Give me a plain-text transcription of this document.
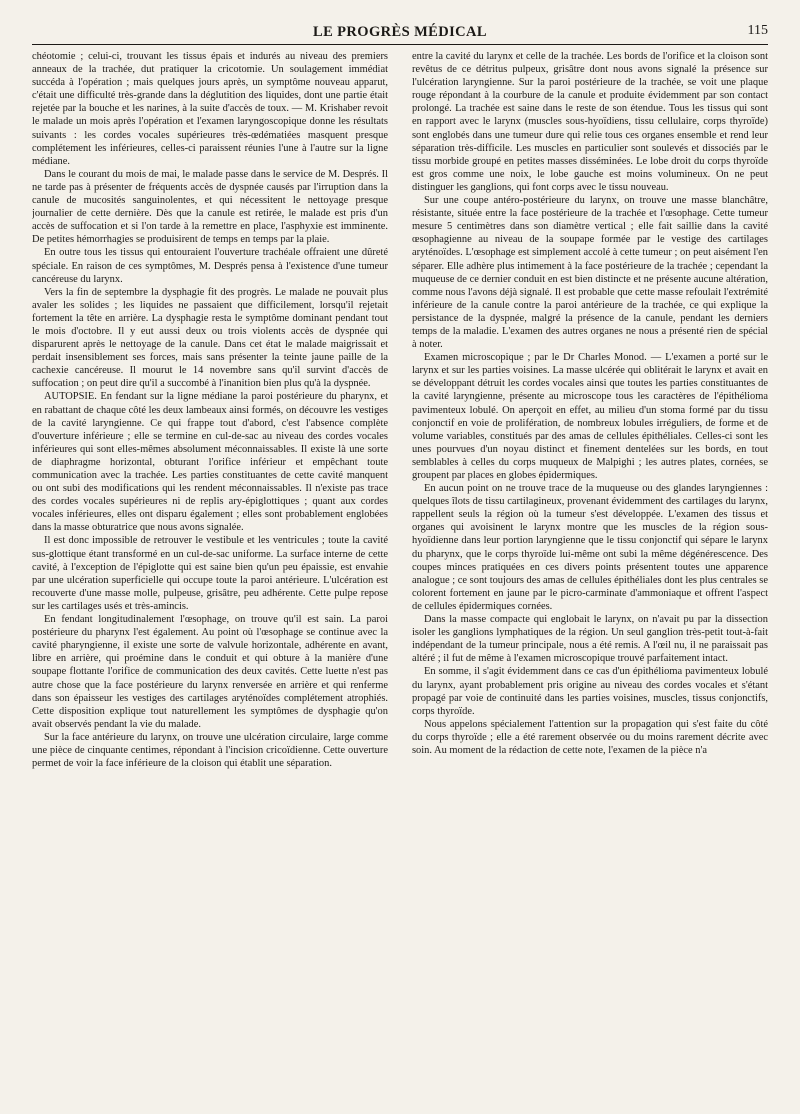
LE PROGRÈS MÉDICAL	115

chéotomie ; celui-ci, trouvant les tissus épais et indurés au niveau des premiers anneaux de la trachée, dut pratiquer la cricotomie. Un soulagement immédiat succéda à l'opération ; mais quelques jours après, un symptôme nouveau apparut, c'était une difficulté très-grande dans la déglutition des liquides, dont une partie était rejetée par la bouche et les narines, à la suite d'accès de toux. — M. Krishaber revoit le malade un mois après l'opération et l'examen laryngoscopique donne les résultats suivants : les cordes vocales supérieures très-œdématiées masquent presque complétement les inférieures, celles-ci paraissent réunies l'une à l'autre sur la ligne médiane.

Dans le courant du mois de mai, le malade passe dans le service de M. Després. Il ne tarde pas à présenter de fréquents accès de dyspnée causés par l'irruption dans la canule de mucosités sanguinolentes, et qui nécessitent le nettoyage presque journalier de cette dernière. Dès que la canule est retirée, le malade est pris d'un accès de suffocation et si l'on tarde à la remettre en place, l'asphyxie est imminente. De petites hémorrhagies se produisirent de temps en temps par la plaie.

En outre tous les tissus qui entouraient l'ouverture trachéale offraient une dûreté spéciale. En raison de ces symptômes, M. Després pensa à l'existence d'une tumeur cancéreuse du larynx.

Vers la fin de septembre la dysphagie fit des progrès. Le malade ne pouvait plus avaler les solides ; les liquides ne passaient que difficilement, lorsqu'il rejetait fortement la tête en arrière. La dysphagie resta le symptôme dominant pendant tout le mois d'octobre. Il y eut aussi deux ou trois violents accès de dyspnée qui disparurent après le nettoyage de la canule. Dans cet état le malade maigrissait et perdait insensiblement ses forces, mais sans présenter la teinte jaune paille de la cachexie cancéreuse. Il mourut le 14 novembre sans qu'il survint d'accès de suffocation ; on peut dire qu'il a succombé à l'inanition bien plus qu'à la dyspnée.

AUTOPSIE. En fendant sur la ligne médiane la paroi postérieure du pharynx, et en rabattant de chaque côté les deux lambeaux ainsi formés, on découvre les vestiges de la cavité laryngienne. Ce qui frappe tout d'abord, c'est l'absence complète d'ouverture inférieure ; elle se termine en cul-de-sac au niveau des cordes vocales inférieures qui sont elles-mêmes absolument méconnaissables. Il existe là une sorte de diaphragme horizontal, obturant l'orifice inférieur et empêchant toute communication avec la trachée. Les parties constituantes de cette cavité manquent ou ont subi des modifications qui les rendent méconnaissables. Il n'existe pas trace des cordes vocales supérieures ni de replis ary-épiglottiques ; quant aux cordes vocales inférieures, elles ont disparu également ; elles sont probablement englobées dans la masse obturatrice que nous avons signalée.

Il est donc impossible de retrouver le vestibule et les ventricules ; toute la cavité sus-glottique étant transformé en un cul-de-sac uniforme. La surface interne de cette cavité, à l'exception de l'épiglotte qui est saine bien qu'un peu épaissie, est envahie par une ulcération superficielle qui occupe toute la paroi antérieure. L'ulcération est recouverte d'une masse molle, pulpeuse, grisâtre, peu adhérente. Cette pulpe repose sur les cartilages usés et très-amincis.

En fendant longitudinalement l'œsophage, on trouve qu'il est sain. La paroi postérieure du pharynx l'est également. Au point où l'œsophage se continue avec la cavité pharyngienne, il existe une sorte de valvule horizontale, adhérente en avant, libre en arrière, qui proémine dans le conduit et qui obture à la manière d'une soupape flottante l'orifice de communication des deux cavités. Cette luette n'est pas autre chose que la face postérieure du larynx renversée en arrière et qui renferme dans son épaisseur les vestiges des cartilages aryténoïdes complétement atrophiés. Cette disposition explique tout naturellement les symptômes de dysphagie qu'on avait observés pendant la vie du malade.

Sur la face antérieure du larynx, on trouve une ulcération circulaire, large comme une pièce de cinquante centimes, répondant à l'incision cricoïdienne. Cette ouverture permet de voir la face inférieure de la cloison qui établit une séparation.

entre la cavité du larynx et celle de la trachée. Les bords de l'orifice et la cloison sont revêtus de ce détritus pulpeux, grisâtre dont nous avons signalé la présence sur l'ulcération laryngienne. Sur la paroi postérieure de la trachée, se voit une plaque rouge répondant à la courbure de la canule et produite évidemment par son contact prolongé. La trachée est saine dans le reste de son étendue. Tous les tissus qui sont en rapport avec le larynx (muscles sous-hyoïdiens, tissu cellulaire, corps thyroïde) sont englobés dans une tumeur dure qui relie tous ces organes ensemble et rend leur séparation très-difficile. Les muscles en particulier sont soulevés et dissociés par le tissu morbide groupé en petites masses disséminées. Le lobe droit du corps thyroïde est gros comme une noix, le lobe gauche est moins volumineux. On ne peut distinguer les ganglions, qui font corps avec le tissu nouveau.

Sur une coupe antéro-postérieure du larynx, on trouve une masse blanchâtre, résistante, située entre la face postérieure de la trachée et l'œsophage. Cette tumeur mesure 5 centimètres dans son diamètre vertical ; elle fait saillie dans la cavité œsophagienne au niveau de la soupape formée par le vestige des cartilages aryténoïdes. L'œsophage est simplement accolé à cette tumeur ; on peut aisément l'en séparer. Elle adhère plus intimement à la face postérieure de la trachée ; cependant la muqueuse de ce dernier conduit en est bien distincte et ne présente aucune altération, comme nous l'avons déjà signalé. Il est probable que cette masse refoulait l'extrémité inférieure de la canule contre la paroi antérieure de la trachée, ce qui explique la persistance de la dyspnée, malgré la présence de la canule, pendant les derniers temps de la maladie. L'examen des autres organes ne nous a présenté rien de spécial à noter.

Examen microscopique ; par le Dr Charles Monod. — L'examen a porté sur le larynx et sur les parties voisines. La masse ulcérée qui oblitérait le larynx et avait en se développant détruit les cordes vocales ainsi que toutes les parties constituantes de la cavité laryngienne, présente au microscope tous les caractères de l'épithélioma pavimenteux lobulé. On aperçoit en effet, au milieu d'un stoma formé par du tissu conjonctif en voie de prolifération, de nombreux lobules irréguliers, de forme et de volume variables, constitués par des amas de cellules épithéliales. Celles-ci sont les unes pourvues d'un noyau distinct et finement dentelées sur les bords, en tout semblables à celles du corps muqueux de Malpighi ; les autres plates, cornées, se groupent par places en globes épidermiques.

En aucun point on ne trouve trace de la muqueuse ou des glandes laryngiennes : quelques îlots de tissu cartilagineux, provenant évidemment des cartilages du larynx, rappellent seuls la région où la tumeur s'est développée. L'examen des tissus et organes qui avoisinent le larynx montre que les muscles de la région sous-hyoïdienne dans leur portion laryngienne que le tissu conjonctif qui sépare le larynx du pharynx, que le corps thyroïde lui-même ont subi la même dégénérescence. Des coupes minces pratiquées en ces divers points présentent toutes une apparence analogue ; ce sont toujours des amas de cellules épithéliales dont les plus centrales se colorent fortement en jaune par le picro-carminate d'ammoniaque et offrent l'aspect de cellules épidermiques cornées.

Dans la masse compacte qui englobait le larynx, on n'avait pu par la dissection isoler les ganglions lymphatiques de la région. Un seul ganglion très-petit tout-à-fait indépendant de la tumeur principale, nous a été remis. A l'œil nu, il ne paraissait pas altéré ; il fut de même à l'examen microscopique trouvé parfaitement intact.

En somme, il s'agit évidemment dans ce cas d'un épithélioma pavimenteux lobulé du larynx, ayant probablement pris origine au niveau des cordes vocales et s'étant propagé par voie de continuité dans les parties voisines, muscles, tissus conjonctifs, corps thyroïde.

Nous appelons spécialement l'attention sur la propagation qui s'est faite du côté du corps thyroïde ; elle a été rarement observée ou du moins rarement décrite avec soin. Au moment de la rédaction de cette note, l'examen de la pièce n'a
